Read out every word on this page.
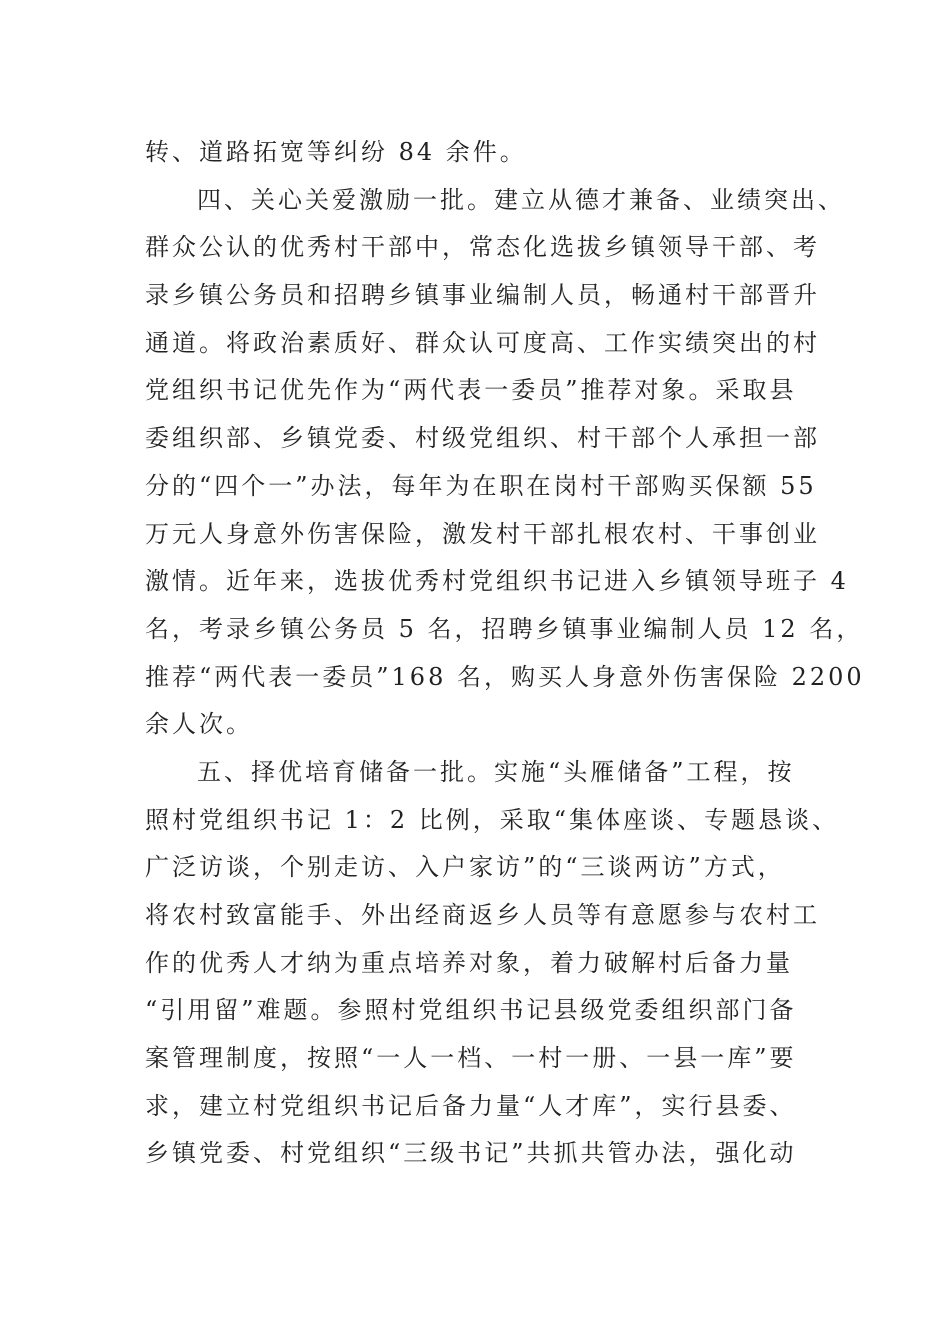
转、道路拓宽等纠纷 84 余件。
四、关心关爱激励一批。建立从德才兼备、业绩突出、
群众公认的优秀村干部中，常态化选拔乡镇领导干部、考
录乡镇公务员和招聘乡镇事业编制人员，畅通村干部晋升
通道。将政治素质好、群众认可度高、工作实绩突出的村
党组织书记优先作为“两代表一委员”推荐对象。采取县
委组织部、乡镇党委、村级党组织、村干部个人承担一部
分的“四个一”办法，每年为在职在岗村干部购买保额 55
万元人身意外伤害保险，激发村干部扎根农村、干事创业
激情。近年来，选拔优秀村党组织书记进入乡镇领导班子 4
名，考录乡镇公务员 5 名，招聘乡镇事业编制人员 12 名，
推荐“两代表一委员”168 名，购买人身意外伤害保险 2200
余人次。
五、择优培育储备一批。实施“头雁储备”工程，按
照村党组织书记 1：2 比例，采取“集体座谈、专题恳谈、
广泛访谈，个别走访、入户家访”的“三谈两访”方式，
将农村致富能手、外出经商返乡人员等有意愿参与农村工
作的优秀人才纳为重点培养对象，着力破解村后备力量
“引用留”难题。参照村党组织书记县级党委组织部门备
案管理制度，按照“一人一档、一村一册、一县一库”要
求，建立村党组织书记后备力量“人才库”，实行县委、
乡镇党委、村党组织“三级书记”共抓共管办法，强化动
